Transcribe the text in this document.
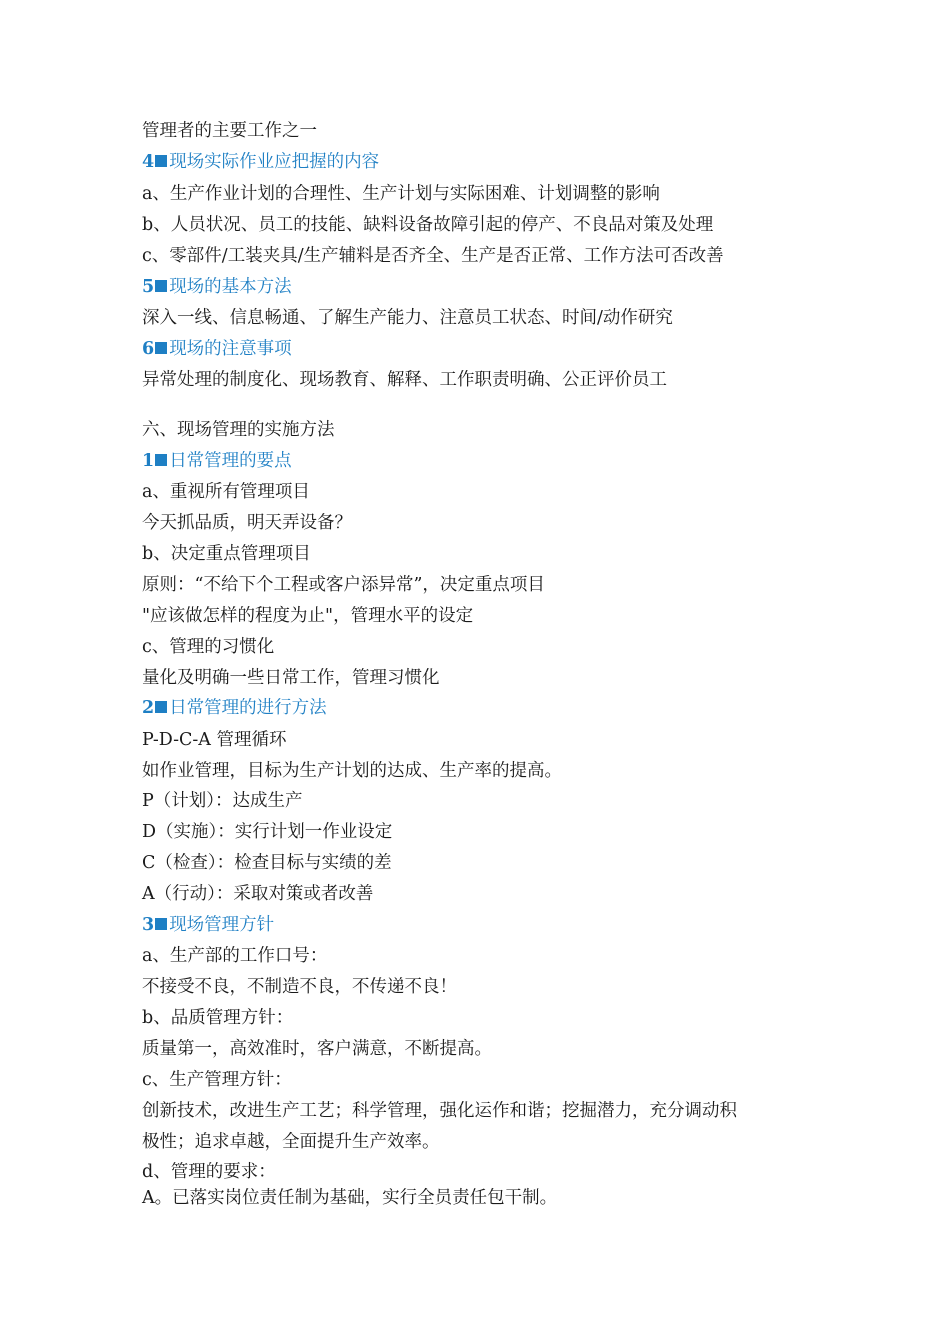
管理者的主要工作之一
4 现场实际作业应把握的内容
a、生产作业计划的合理性、生产计划与实际困难、计划调整的影响
b、人员状况、员工的技能、缺料设备故障引起的停产、不良品对策及处理
c、零部件/工装夹具/生产辅料是否齐全、生产是否正常、工作方法可否改善
5 现场的基本方法
深入一线、信息畅通、了解生产能力、注意员工状态、时间/动作研究
6 现场的注意事项
异常处理的制度化、现场教育、解释、工作职责明确、公正评价员工
六、现场管理的实施方法
1 日常管理的要点
a、重视所有管理项目
今天抓品质，明天弄设备？
b、决定重点管理项目
原则：“不给下个工程或客户添异常”，决定重点项目
"应该做怎样的程度为止"，管理水平的设定
c、管理的习惯化
量化及明确一些日常工作，管理习惯化
2 日常管理的进行方法
P-D-C-A 管理循环
如作业管理，目标为生产计划的达成、生产率的提高。
P（计划）：达成生产
D（实施）：实行计划一作业设定
C（检查）：检查目标与实绩的差
A（行动）：采取对策或者改善
3 现场管理方针
a、生产部的工作口号：
不接受不良，不制造不良，不传递不良！
b、品质管理方针：
质量第一，高效准时，客户满意，不断提高。
c、生产管理方针：
创新技术，改进生产工艺；科学管理，强化运作和谐；挖掘潜力，充分调动积
极性；追求卓越，全面提升生产效率。
d、管理的要求：
A。已落实岗位责任制为基础，实行全员责任包干制。
